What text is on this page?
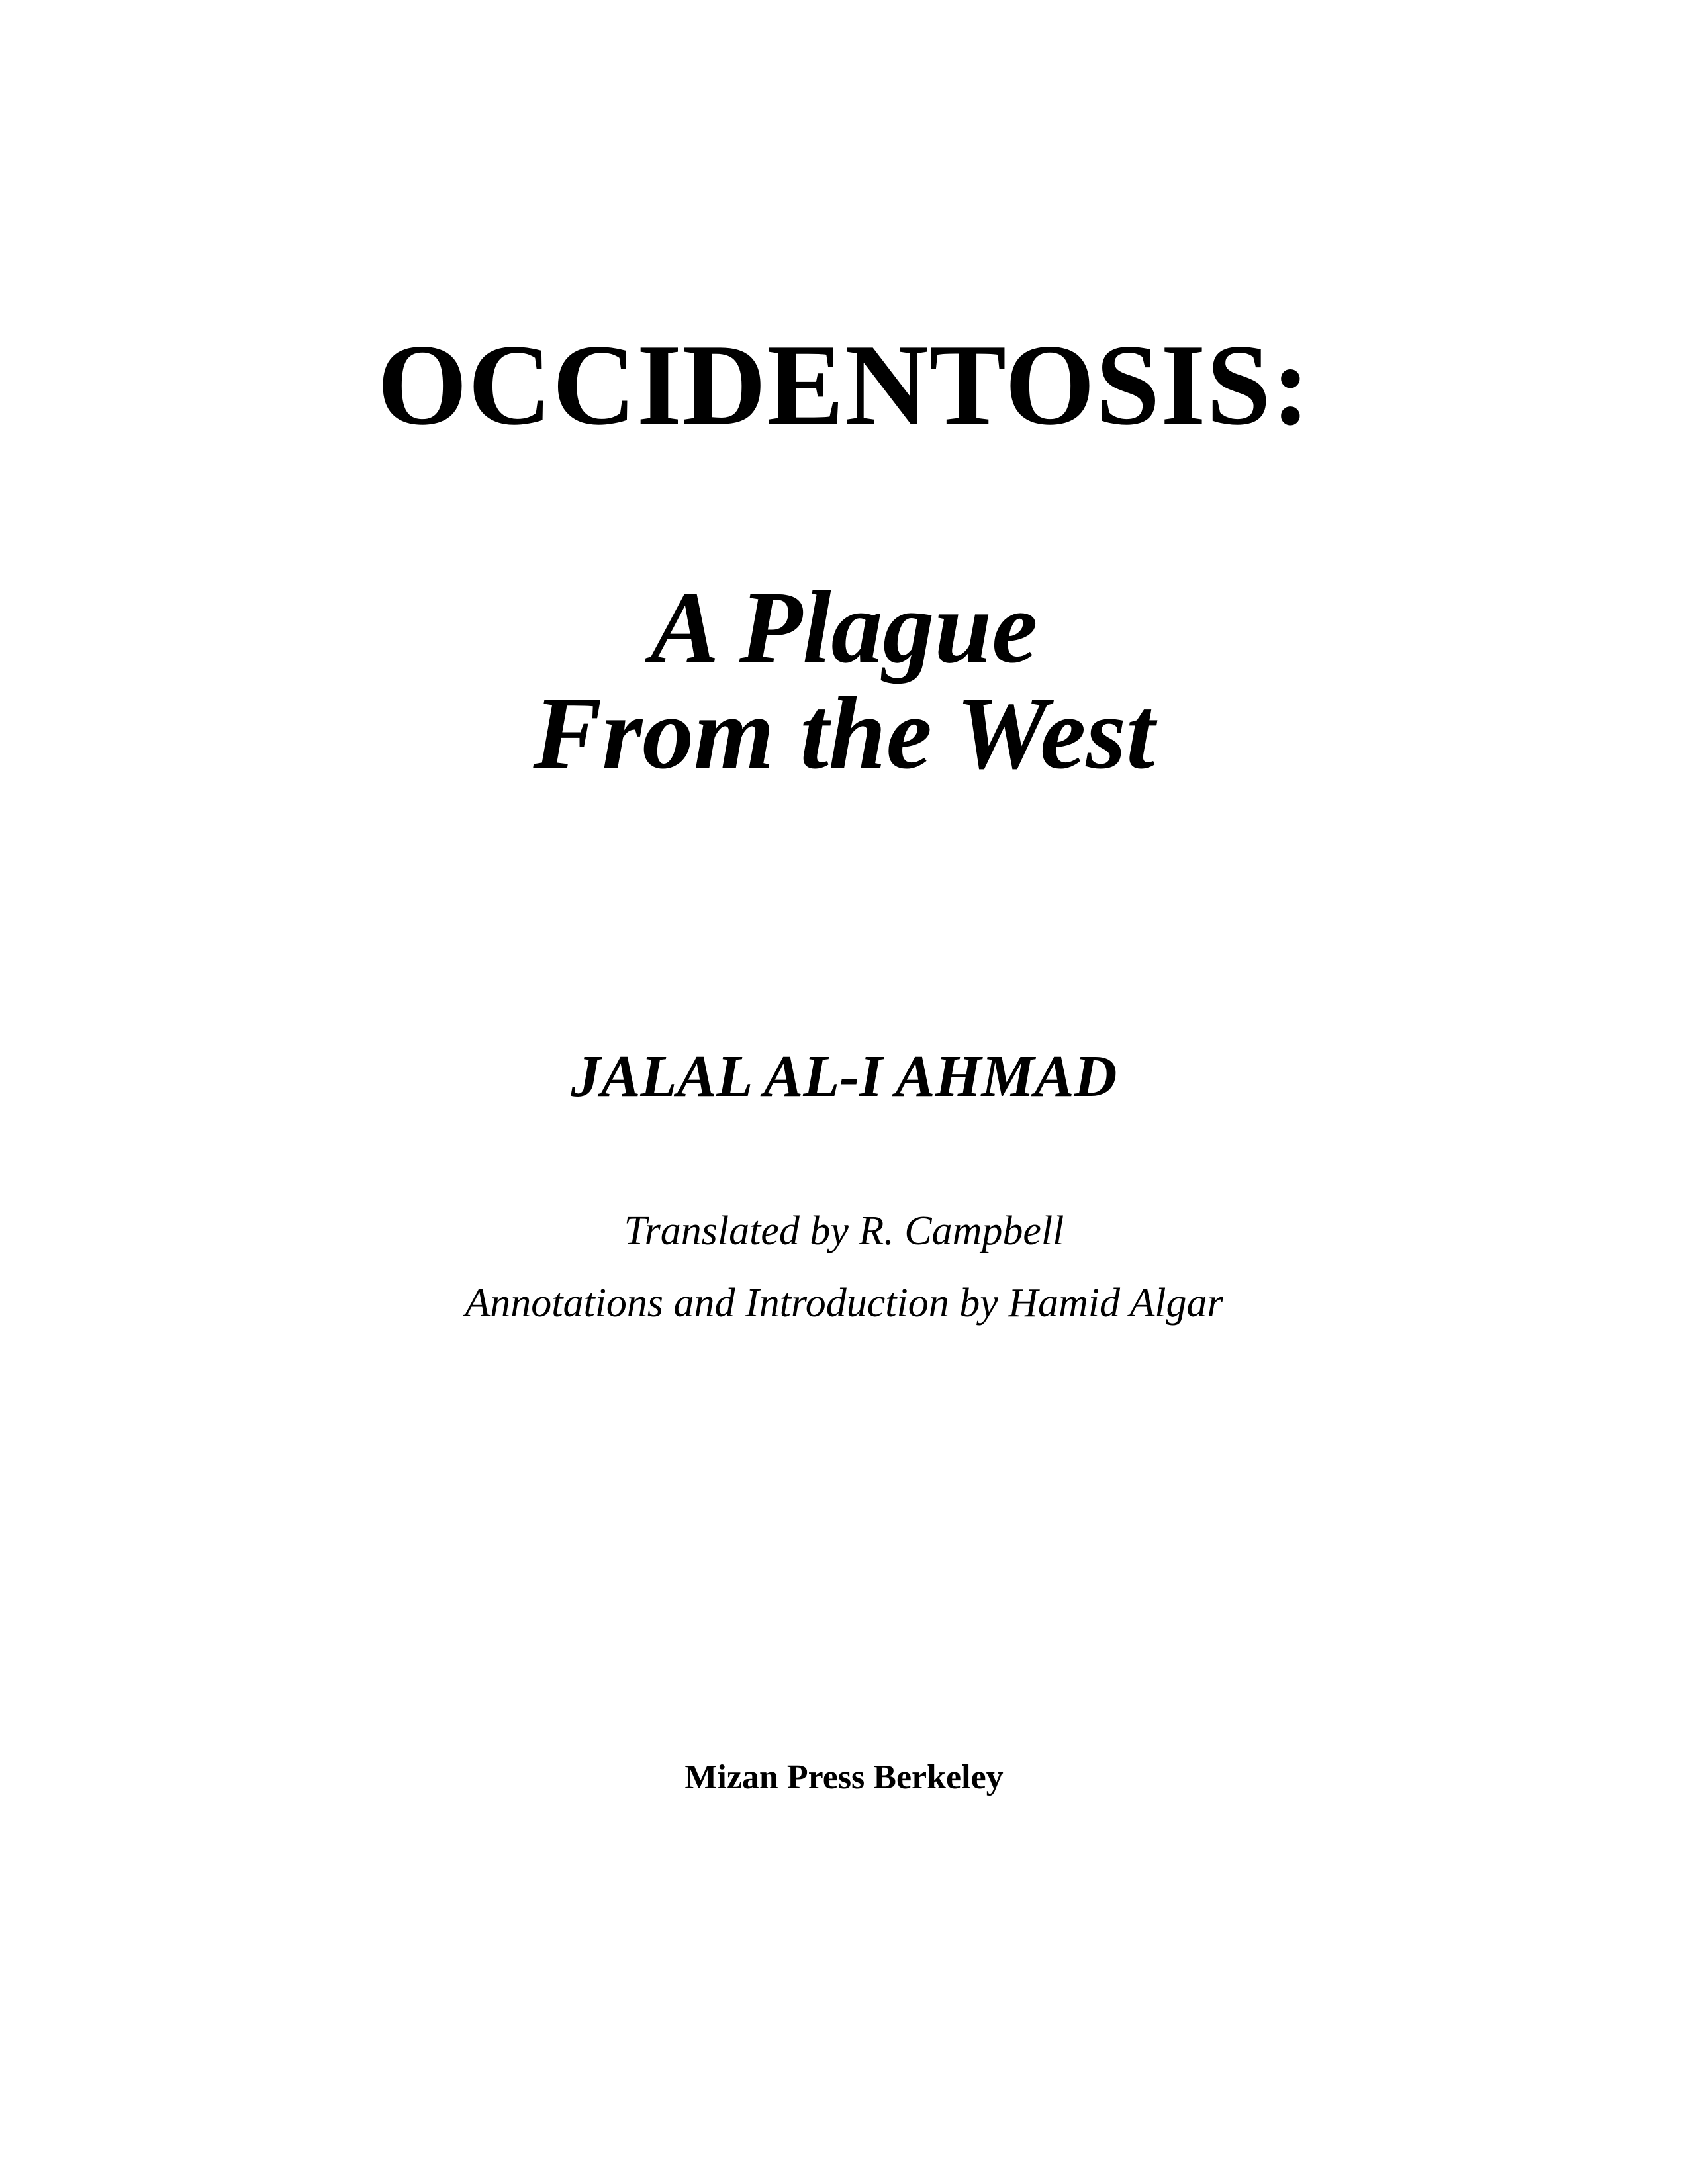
OCCIDENTOSIS:
A Plague
From the West
JALAL AL-I AHMAD
Translated by R. Campbell
Annotations and Introduction by Hamid Algar
Mizan Press Berkeley
